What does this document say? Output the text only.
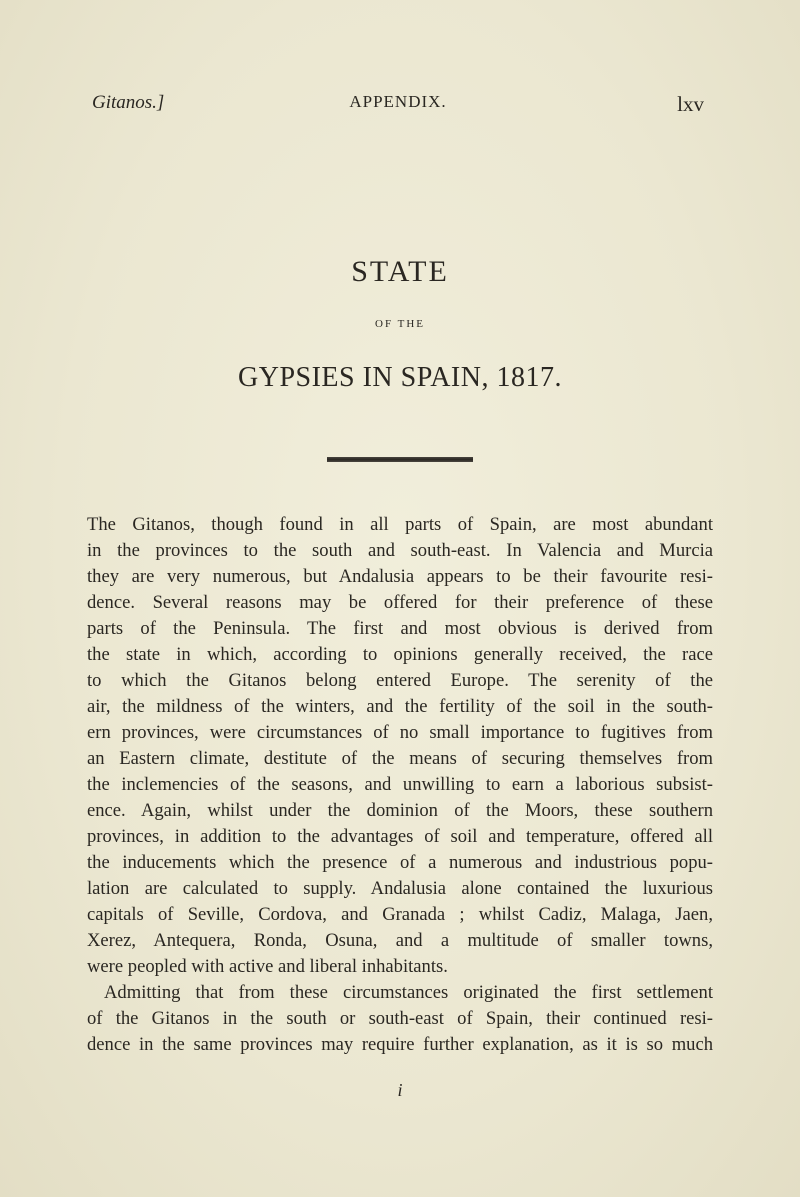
Gitanos.]	APPENDIX.	lxv
STATE
OF THE
GYPSIES IN SPAIN, 1817.
The Gitanos, though found in all parts of Spain, are most abundant
in the provinces to the south and south-east. In Valencia and Murcia
they are very numerous, but Andalusia appears to be their favourite resi-
dence. Several reasons may be offered for their preference of these
parts of the Peninsula. The first and most obvious is derived from
the state in which, according to opinions generally received, the race
to which the Gitanos belong entered Europe. The serenity of the
air, the mildness of the winters, and the fertility of the soil in the south-
ern provinces, were circumstances of no small importance to fugitives from
an Eastern climate, destitute of the means of securing themselves from
the inclemencies of the seasons, and unwilling to earn a laborious subsist-
ence. Again, whilst under the dominion of the Moors, these southern
provinces, in addition to the advantages of soil and temperature, offered all
the inducements which the presence of a numerous and industrious popu-
lation are calculated to supply. Andalusia alone contained the luxurious
capitals of Seville, Cordova, and Granada ; whilst Cadiz, Malaga, Jaen,
Xerez, Antequera, Ronda, Osuna, and a multitude of smaller towns,
were peopled with active and liberal inhabitants.
Admitting that from these circumstances originated the first settlement
of the Gitanos in the south or south-east of Spain, their continued resi-
dence in the same provinces may require further explanation, as it is so much
i
